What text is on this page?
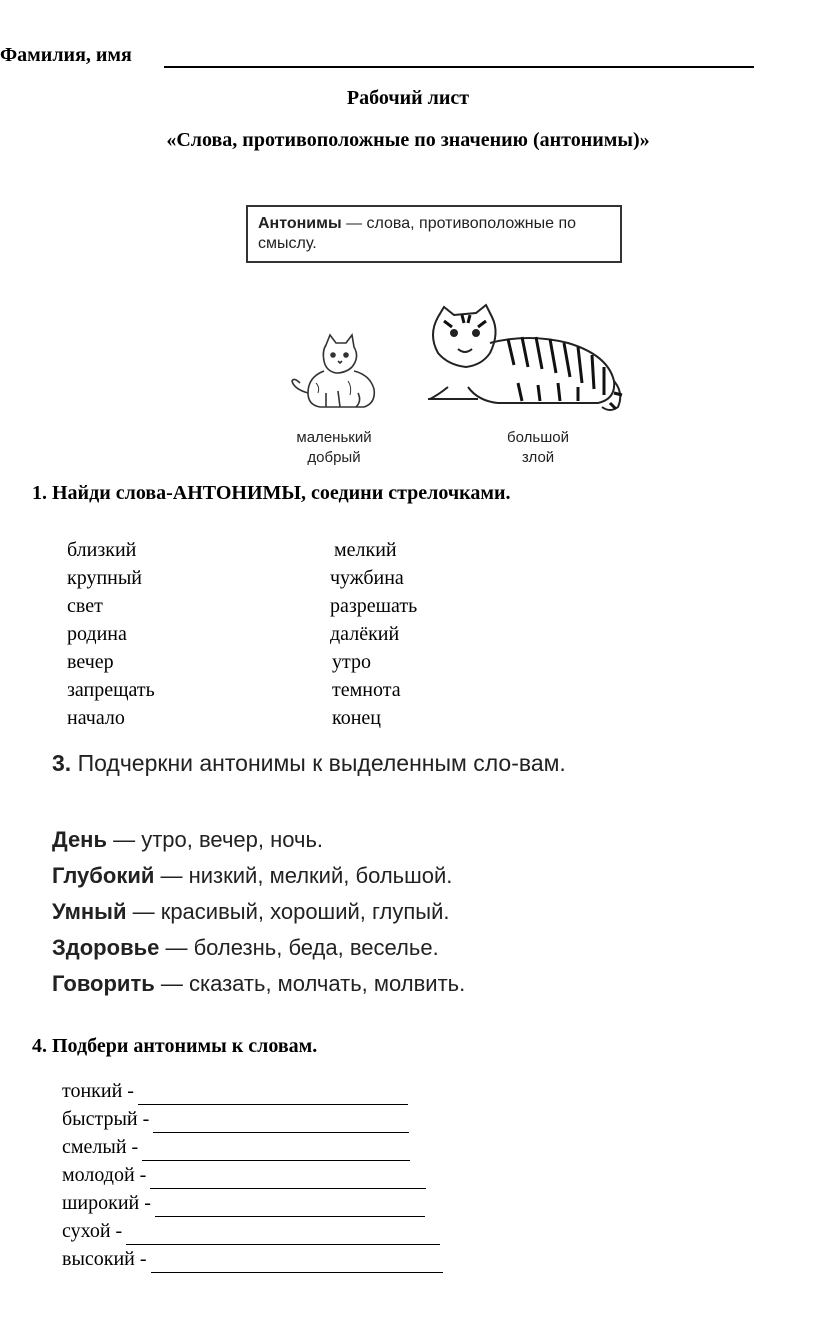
Фамилия, имя
Рабочий лист
«Слова, противоположные по значению (антонимы)»
Антонимы — слова, противоположные по смыслу.
маленький
добрый
большой
злой
1. Найди слова-АНТОНИМЫ, соедини стрелочками.
близкий
крупный
свет
родина
вечер
запрещать
начало
мелкий
чужбина
разрешать
далёкий
утро
темнота
конец
3. Подчеркни антонимы к выделенным сло-вам.
День — утро, вечер, ночь.
Глубокий — низкий, мелкий, большой.
Умный — красивый, хороший, глупый.
Здоровье — болезнь, беда, веселье.
Говорить — сказать, молчать, молвить.
4. Подбери антонимы к словам.
тонкий -
быстрый -
смелый -
молодой -
широкий -
сухой -
высокий -
